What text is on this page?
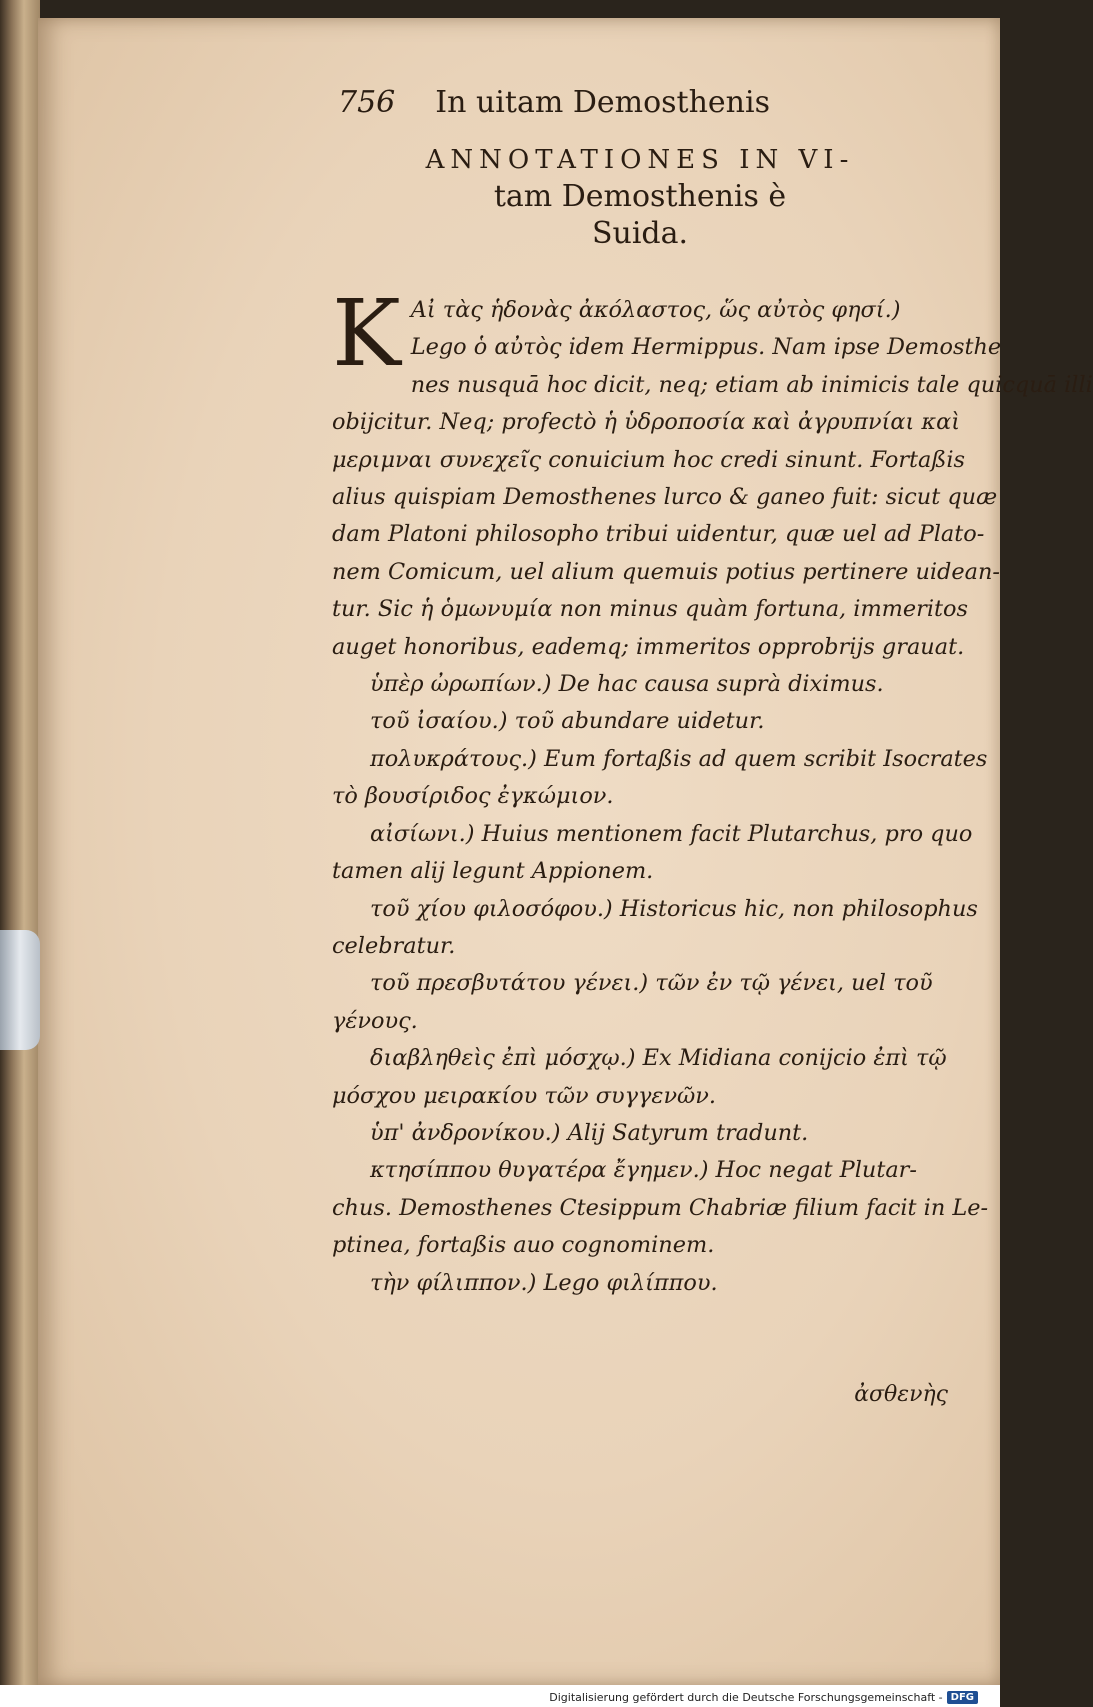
756 In uitam Demosthenis
ANNOTATIONES IN VI-
tam Demosthenis è
Suida.
K Αἰ τὰς ἡδονὰς ἀκόλαστος, ὥς αὐτὸς φησί.)
Lego ὁ αὐτὸς idem Hermippus. Nam ipse Demosthe
nes nusquā hoc dicit, neq; etiam ab inimicis tale quicquā illi
obijcitur. Neq; profectò ἡ ὑδροποσία καὶ ἀγρυπνίαι καὶ
μεριμναι συνεχεῖς conuicium hoc credi sinunt. Fortaßis
alius quispiam Demosthenes lurco & ganeo fuit: sicut quæ
dam Platoni philosopho tribui uidentur, quæ uel ad Plato-
nem Comicum, uel alium quemuis potius pertinere uidean-
tur. Sic ἡ ὁμωνυμία non minus quàm fortuna, immeritos
auget honoribus, eademq; immeritos opprobrijs grauat.
ὑπὲρ ὠρωπίων.) De hac causa suprà diximus.
τοῦ ἰσαίου.) τοῦ abundare uidetur.
πολυκράτους.) Eum fortaßis ad quem scribit Isocrates
τὸ βουσίριδος ἐγκώμιον.
αἰσίωνι.) Huius mentionem facit Plutarchus, pro quo
tamen alij legunt Appionem.
τοῦ χίου φιλοσόφου.) Historicus hic, non philosophus
celebratur.
τοῦ πρεσβυτάτου γένει.) τῶν ἐν τῷ γένει, uel τοῦ
γένους.
διαβληθεὶς ἐπὶ μόσχῳ.) Ex Midiana conijcio ἐπὶ τῷ
μόσχου μειρακίου τῶν συγγενῶν.
ὑπ' ἀνδρονίκου.) Alij Satyrum tradunt.
κτησίππου θυγατέρα ἔγημεν.) Hoc negat Plutar-
chus. Demosthenes Ctesippum Chabriæ filium facit in Le-
ptinea, fortaßis auo cognominem.
τὴν φίλιππον.) Lego φιλίππου.
ἀσθενὴς
Digitalisierung gefördert durch die Deutsche Forschungsgemeinschaft - DFG
